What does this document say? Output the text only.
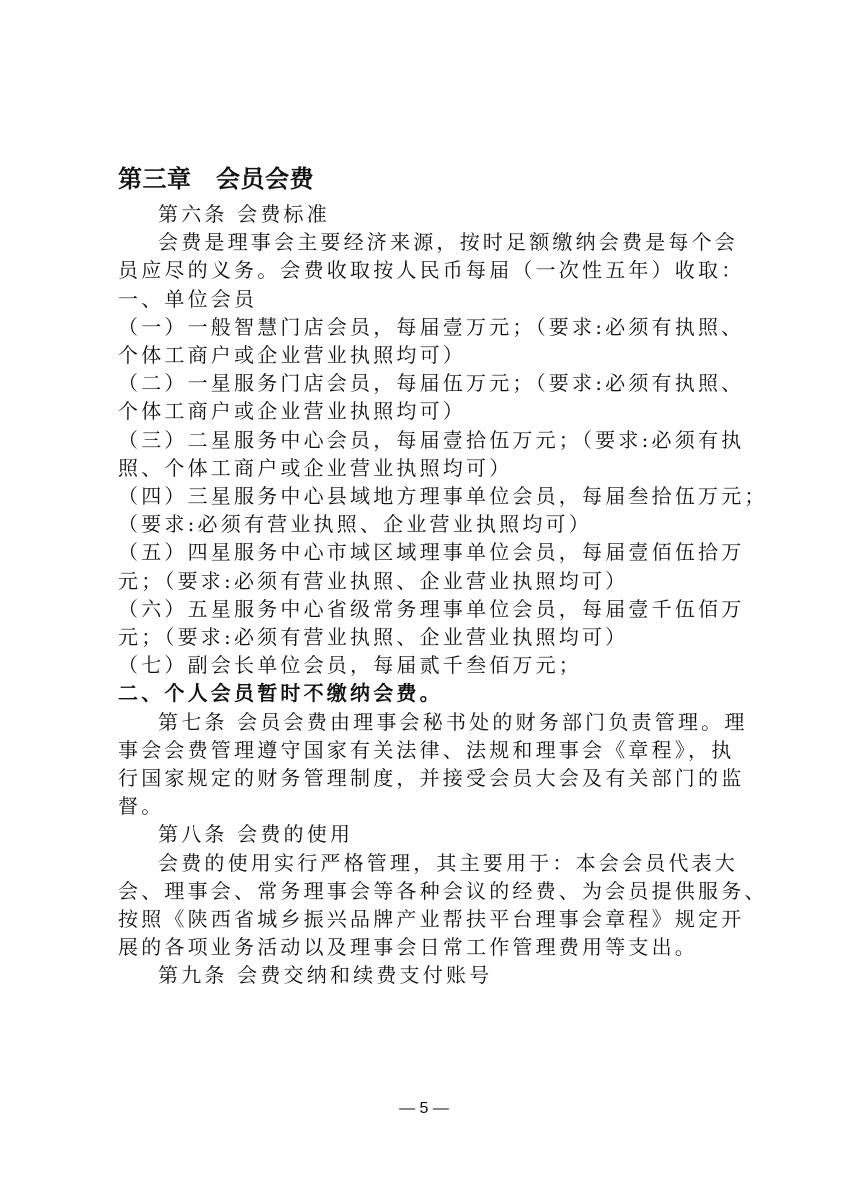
第三章　会员会费
第六条 会费标准
会费是理事会主要经济来源，按时足额缴纳会费是每个会
员应尽的义务。会费收取按人民币每届（一次性五年）收取：
一、单位会员
（一）一般智慧门店会员，每届壹万元；（要求:必须有执照、
个体工商户或企业营业执照均可）
（二）一星服务门店会员，每届伍万元；（要求:必须有执照、
个体工商户或企业营业执照均可）
（三）二星服务中心会员，每届壹拾伍万元；（要求:必须有执
照、个体工商户或企业营业执照均可）
（四）三星服务中心县域地方理事单位会员，每届叁拾伍万元；
（要求:必须有营业执照、企业营业执照均可）
（五）四星服务中心市域区域理事单位会员，每届壹佰伍拾万
元；（要求:必须有营业执照、企业营业执照均可）
（六）五星服务中心省级常务理事单位会员，每届壹千伍佰万
元；（要求:必须有营业执照、企业营业执照均可）
（七）副会长单位会员，每届贰千叁佰万元；
二、个人会员暂时不缴纳会费。
第七条 会员会费由理事会秘书处的财务部门负责管理。理
事会会费管理遵守国家有关法律、法规和理事会《章程》，执
行国家规定的财务管理制度，并接受会员大会及有关部门的监
督。
第八条 会费的使用
会费的使用实行严格管理，其主要用于：本会会员代表大
会、理事会、常务理事会等各种会议的经费、为会员提供服务、
按照《陕西省城乡振兴品牌产业帮扶平台理事会章程》规定开
展的各项业务活动以及理事会日常工作管理费用等支出。
第九条 会费交纳和续费支付账号
— 5 —
